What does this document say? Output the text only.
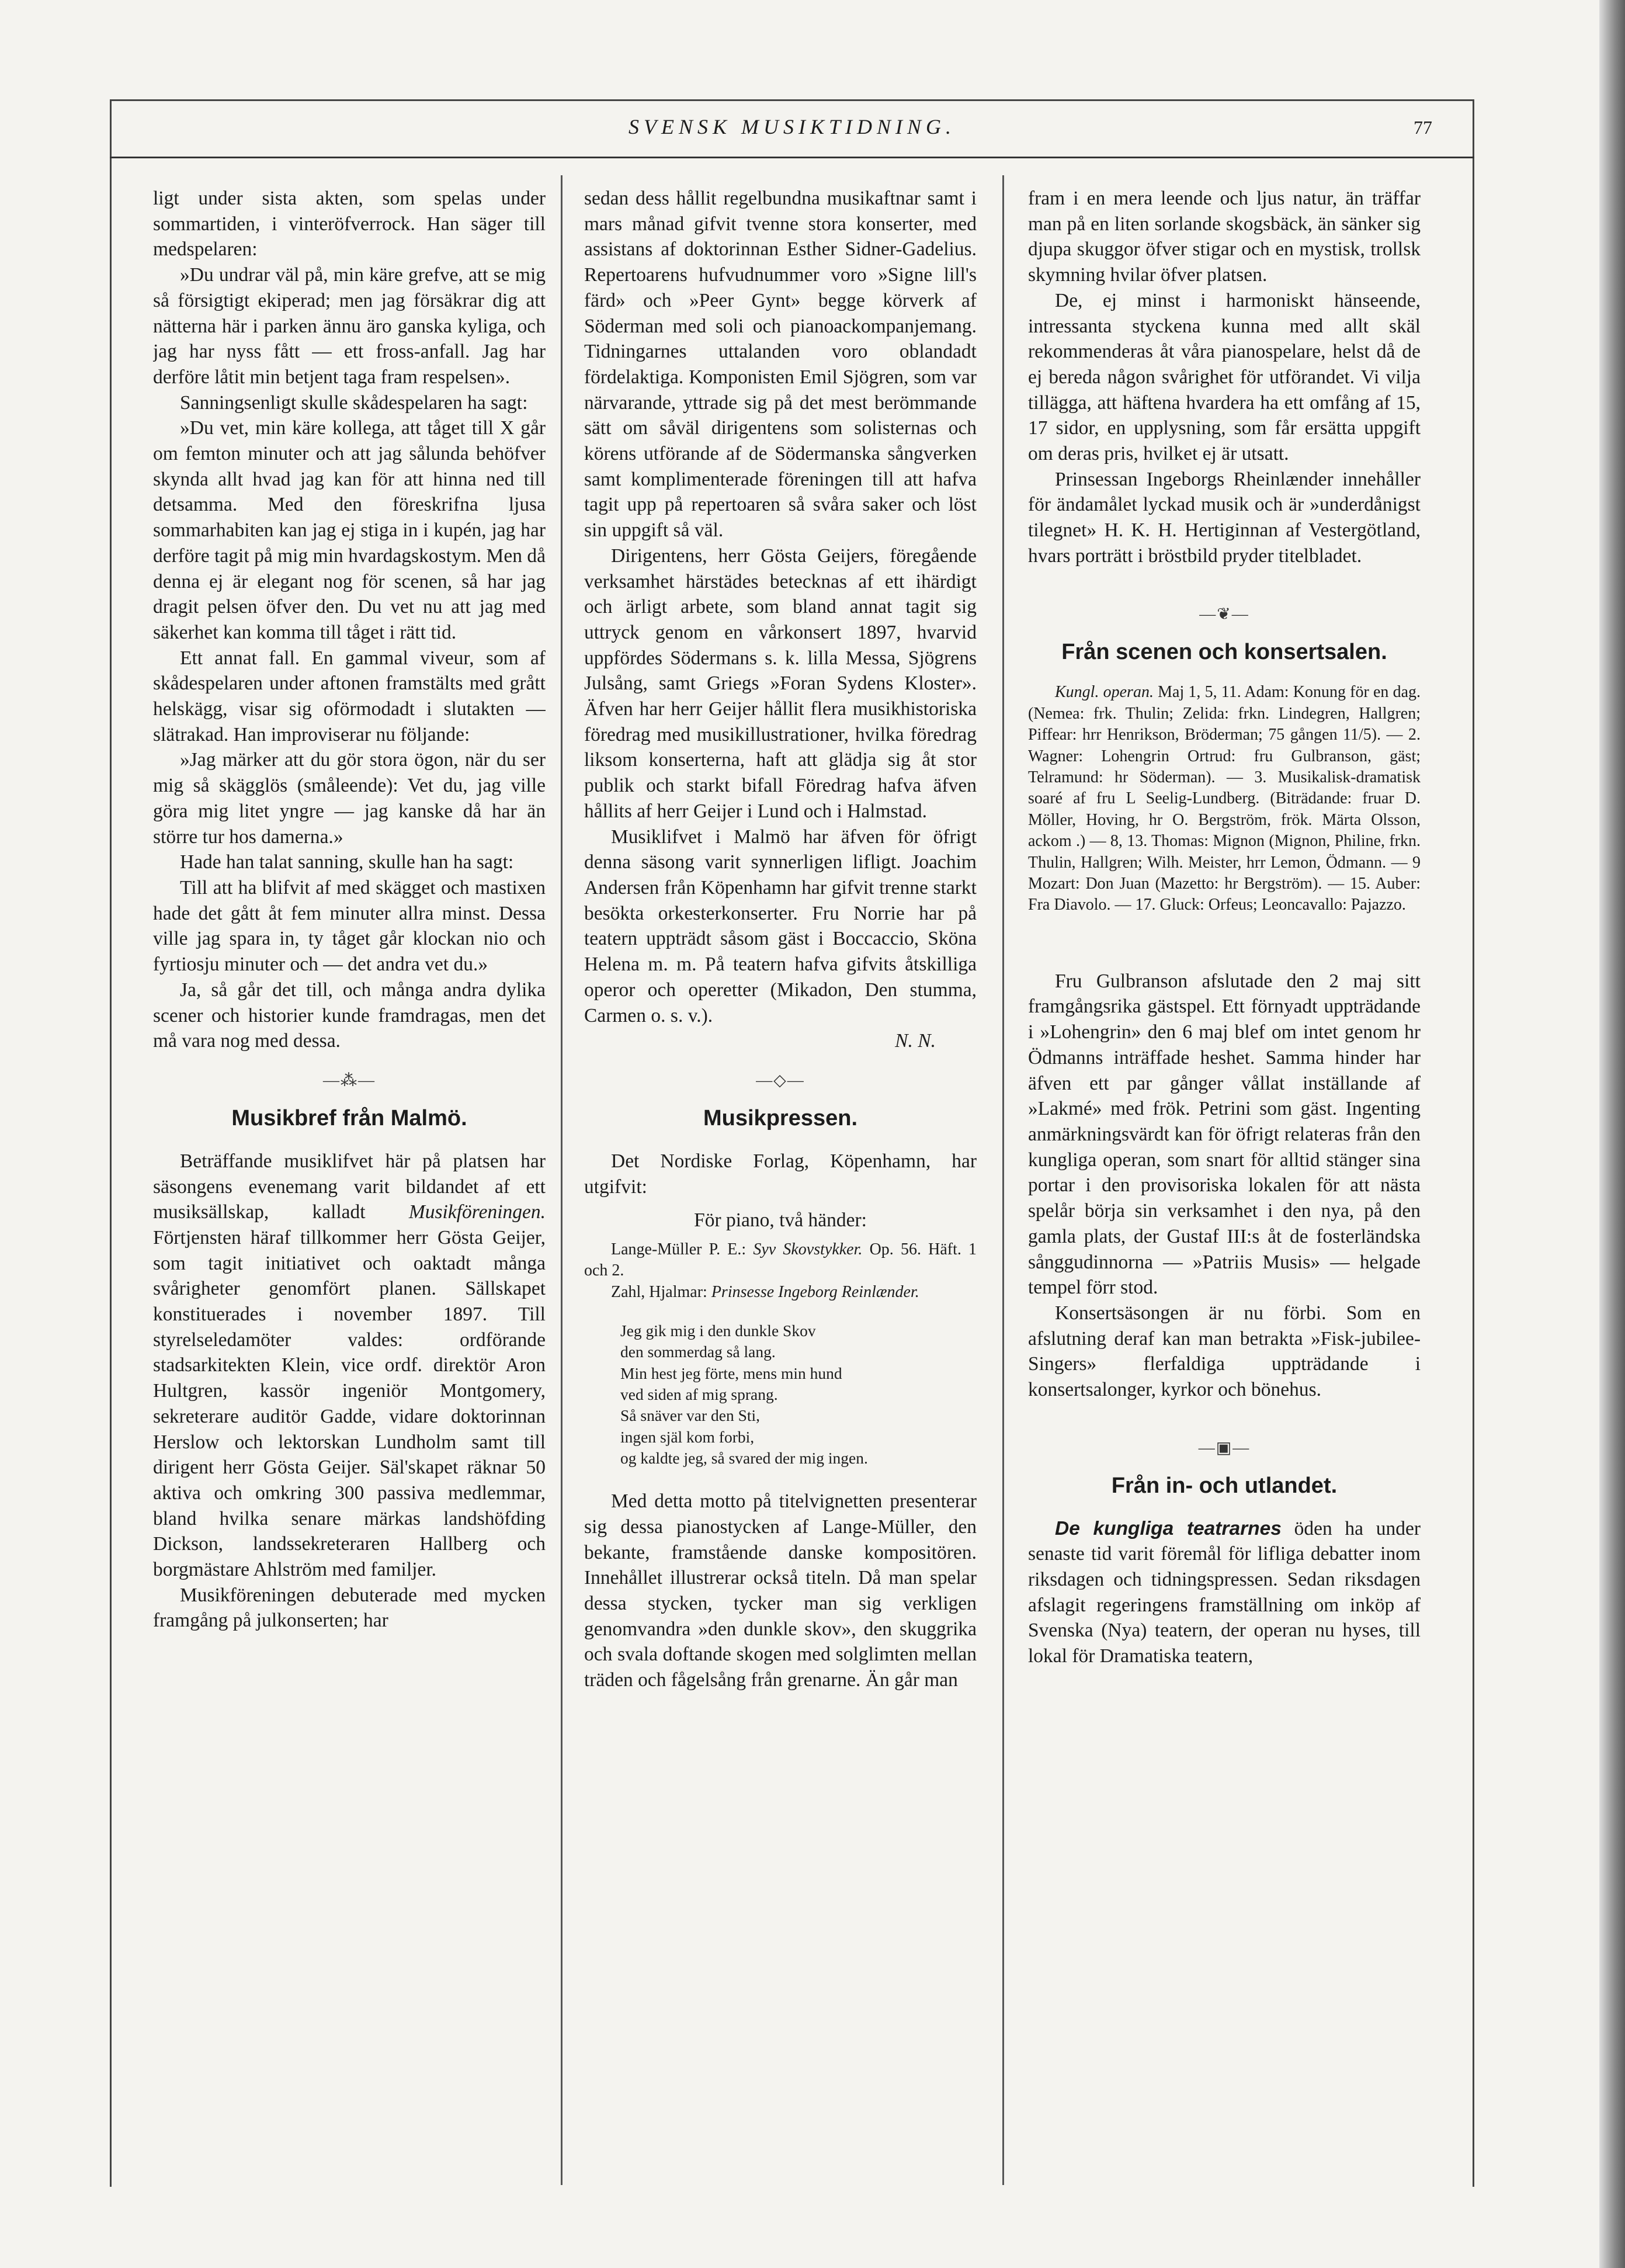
SVENSK MUSIKTIDNING.	77

ligt under sista akten, som spelas under sommartiden, i vinteröfverrock. Han säger till medspelaren:

»Du undrar väl på, min käre grefve, att se mig så försigtigt ekiperad; men jag försäkrar dig att nätterna här i parken ännu äro ganska kyliga, och jag har nyss fått — ett fross-anfall. Jag har derföre låtit min betjent taga fram respelsen».

Sanningsenligt skulle skådespelaren ha sagt:

»Du vet, min käre kollega, att tåget till X går om femton minuter och att jag sålunda behöfver skynda allt hvad jag kan för att hinna ned till detsamma. Med den föreskrifna ljusa sommarhabiten kan jag ej stiga in i kupén, jag har derföre tagit på mig min hvardagskostym. Men då denna ej är elegant nog för scenen, så har jag dragit pelsen öfver den. Du vet nu att jag med säkerhet kan komma till tåget i rätt tid.

Ett annat fall. En gammal viveur, som af skådespelaren under aftonen framstälts med grått helskägg, visar sig oförmodadt i slutakten — slätrakad. Han improviserar nu följande:

»Jag märker att du gör stora ögon, när du ser mig så skägglös (småleende): Vet du, jag ville göra mig litet yngre — jag kanske då har än större tur hos damerna.»

Hade han talat sanning, skulle han ha sagt:

Till att ha blifvit af med skägget och mastixen hade det gått åt fem minuter allra minst. Dessa ville jag spara in, ty tåget går klockan nio och fyrtiosju minuter och — det andra vet du.»

Ja, så går det till, och många andra dylika scener och historier kunde framdragas, men det må vara nog med dessa.

—⁂—
Musikbref från Malmö.

Beträffande musiklifvet här på platsen har säsongens evenemang varit bildandet af ett musiksällskap, kalladt Musikföreningen. Förtjensten häraf tillkommer herr Gösta Geijer, som tagit initiativet och oaktadt många svårigheter genomfört planen. Sällskapet konstituerades i november 1897. Till styrelseledamöter valdes: ordförande stadsarkitekten Klein, vice ordf. direktör Aron Hultgren, kassör ingeniör Montgomery, sekreterare auditör Gadde, vidare doktorinnan Herslow och lektorskan Lundholm samt till dirigent herr Gösta Geijer. Säl'skapet räknar 50 aktiva och omkring 300 passiva medlemmar, bland hvilka senare märkas landshöfding Dickson, landssekreteraren Hallberg och borgmästare Ahlström med familjer.

Musikföreningen debuterade med mycken framgång på julkonserten; har

sedan dess hållit regelbundna musikaftnar samt i mars månad gifvit tvenne stora konserter, med assistans af doktorinnan Esther Sidner-Gadelius. Repertoarens hufvudnummer voro »Signe lill's färd» och »Peer Gynt» begge körverk af Söderman med soli och pianoackompanjemang. Tidningarnes uttalanden voro oblandadt fördelaktiga. Komponisten Emil Sjögren, som var närvarande, yttrade sig på det mest berömmande sätt om såväl dirigentens som solisternas och körens utförande af de Södermanska sångverken samt komplimenterade föreningen till att hafva tagit upp på repertoaren så svåra saker och löst sin uppgift så väl.

Dirigentens, herr Gösta Geijers, föregående verksamhet härstädes betecknas af ett ihärdigt och ärligt arbete, som bland annat tagit sig uttryck genom en vårkonsert 1897, hvarvid uppfördes Södermans s. k. lilla Messa, Sjögrens Julsång, samt Griegs »Foran Sydens Kloster». Äfven har herr Geijer hållit flera musikhistoriska föredrag med musikillustrationer, hvilka föredrag liksom konserterna, haft att glädja sig åt stor publik och starkt bifall Föredrag hafva äfven hållits af herr Geijer i Lund och i Halmstad.

Musiklifvet i Malmö har äfven för öfrigt denna säsong varit synnerligen lifligt. Joachim Andersen från Köpenhamn har gifvit trenne starkt besökta orkesterkonserter. Fru Norrie har på teatern uppträdt såsom gäst i Boccaccio, Sköna Helena m. m. På teatern hafva gifvits åtskilliga operor och operetter (Mikadon, Den stumma, Carmen o. s. v.).

N. N.

—◇—
Musikpressen.

Det Nordiske Forlag, Köpenhamn, har utgifvit:

För piano, två händer:

Lange-Müller P. E.: Syv Skovstykker. Op. 56. Häft. 1 och 2.

Zahl, Hjalmar: Prinsesse Ingeborg Reinlænder.

Jeg gik mig i den dunkle Skov
den sommerdag så lang.
Min hest jeg förte, mens min hund
ved siden af mig sprang.
Så snäver var den Sti,
ingen själ kom forbi,
og kaldte jeg, så svared der mig ingen.

Med detta motto på titelvignetten presenterar sig dessa pianostycken af Lange-Müller, den bekante, framstående danske kompositören. Innehållet illustrerar också titeln. Då man spelar dessa stycken, tycker man sig verkligen genomvandra »den dunkle skov», den skuggrika och svala doftande skogen med solglimten mellan träden och fågelsång från grenarne. Än går man

fram i en mera leende och ljus natur, än träffar man på en liten sorlande skogsbäck, än sänker sig djupa skuggor öfver stigar och en mystisk, trollsk skymning hvilar öfver platsen.

De, ej minst i harmoniskt hänseende, intressanta styckena kunna med allt skäl rekommenderas åt våra pianospelare, helst då de ej bereda någon svårighet för utförandet. Vi vilja tillägga, att häftena hvardera ha ett omfång af 15, 17 sidor, en upplysning, som får ersätta uppgift om deras pris, hvilket ej är utsatt.

Prinsessan Ingeborgs Rheinlænder innehåller för ändamålet lyckad musik och är »underdånigst tilegnet» H. K. H. Hertiginnan af Vestergötland, hvars porträtt i bröstbild pryder titelbladet.

—❦—
Från scenen och konsertsalen.

Kungl. operan. Maj 1, 5, 11. Adam: Konung för en dag. (Nemea: frk. Thulin; Zelida: frkn. Lindegren, Hallgren; Piffear: hrr Henrikson, Bröderman; 75 gången 11/5). — 2. Wagner: Lohengrin Ortrud: fru Gulbranson, gäst; Telramund: hr Söderman). — 3. Musikalisk-dramatisk soaré af fru L Seelig-Lundberg. (Biträdande: fruar D. Möller, Hoving, hr O. Bergström, frök. Märta Olsson, ackom .) — 8, 13. Thomas: Mignon (Mignon, Philine, frkn. Thulin, Hallgren; Wilh. Meister, hrr Lemon, Ödmann. — 9 Mozart: Don Juan (Mazetto: hr Bergström). — 15. Auber: Fra Diavolo. — 17. Gluck: Orfeus; Leoncavallo: Pajazzo.

Fru Gulbranson afslutade den 2 maj sitt framgångsrika gästspel. Ett förnyadt uppträdande i »Lohengrin» den 6 maj blef om intet genom hr Ödmanns inträffade heshet. Samma hinder har äfven ett par gånger vållat inställande af »Lakmé» med frök. Petrini som gäst. Ingenting anmärkningsvärdt kan för öfrigt relateras från den kungliga operan, som snart för alltid stänger sina portar i den provisoriska lokalen för att nästa spelår börja sin verksamhet i den nya, på den gamla plats, der Gustaf III:s åt de fosterländska sånggudinnorna — »Patriis Musis» — helgade tempel förr stod.

Konsertsäsongen är nu förbi. Som en afslutning deraf kan man betrakta »Fisk-jubilee-Singers» flerfaldiga uppträdande i konsertsalonger, kyrkor och bönehus.

—▣—
Från in- och utlandet.

De kungliga teatrarnes öden ha under senaste tid varit föremål för lifliga debatter inom riksdagen och tidningspressen. Sedan riksdagen afslagit regeringens framställning om inköp af Svenska (Nya) teatern, der operan nu hyses, till lokal för Dramatiska teatern,
